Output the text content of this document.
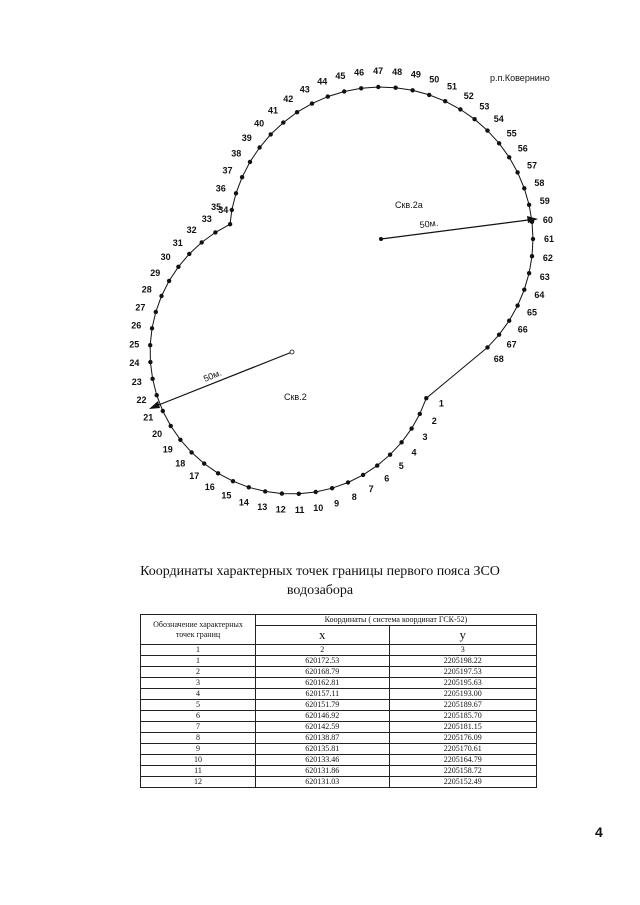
1
2
3
4
5
6
7
8
9
10
11
12
13
14
15
16
17
18
19
20
21
22
23
24
25
26
27
28
29
30
31
32
33
34
35
36
37
38
39
40
41
42
43
44
45 46 47 48 49 50
51
52
53
54
55
56
57
58
59
60
61
62
63
64
65
66
67
68
50м.
50м.
Скв.2а
Скв.2
р.п.Ковернино
Координаты характерных точек границы первого пояса ЗСО
водозабора
Обозначение характерных точек границ	Координаты ( система координат ГСК-52)	
	x	y
1	2	3
1	620172.53	2205198.22
2	620168.79	2205197.53
3	620162.81	2205195.63
4	620157.11	2205193.00
5	620151.79	2205189.67
6	620146.92	2205185.70
7	620142.59	2205181.15
8	620138.87	2205176.09
9	620135.81	2205170.61
10	620133.46	2205164.79
11	620131.86	2205158.72
12	620131.03	2205152.49
4
